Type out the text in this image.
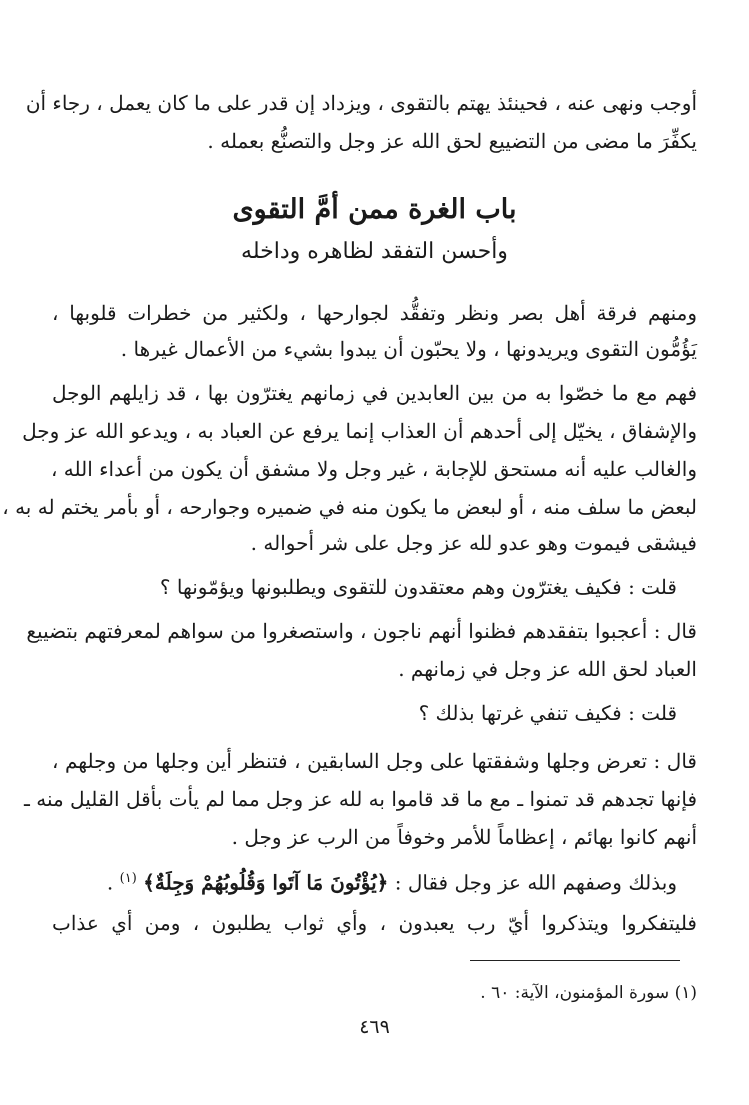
أوجب ونهى عنه ، فحينئذ يهتم بالتقوى ، ويزداد إن قدر على ما كان يعمل ، رجاء أن
يكفِّرَ ما مضى من التضييع لحق الله عز وجل والتصنُّع بعمله .
باب الغرة ممن أمَّ التقوى
وأحسن التفقد لظاهره وداخله
ومنهم فرقة أهل بصر ونظر وتفقُّد لجوارحها ، ولكثير من خطرات قلوبها ،
يَؤُمُّون التقوى ويريدونها ، ولا يحبّون أن يبدوا بشيء من الأعمال غيرها .
فهم مع ما خصّوا به من بين العابدين في زمانهم يغترّون بها ، قد زايلهم الوجل
والإشفاق ، يخيّل إلى أحدهم أن العذاب إنما يرفع عن العباد به ، ويدعو الله عز وجل
والغالب عليه أنه مستحق للإجابة ، غير وجل ولا مشفق أن يكون من أعداء الله ،
لبعض ما سلف منه ، أو لبعض ما يكون منه في ضميره وجوارحه ، أو بأمر يختم له به ،
فيشقى فيموت وهو عدو لله عز وجل على شر أحواله .
قلت : فكيف يغترّون وهم معتقدون للتقوى ويطلبونها ويؤمّونها ؟
قال : أعجبوا بتفقدهم فظنوا أنهم ناجون ، واستصغروا من سواهم لمعرفتهم بتضييع
العباد لحق الله عز وجل في زمانهم .
قلت : فكيف تنفي غرتها بذلك ؟
قال : تعرض وجلها وشفقتها على وجل السابقين ، فتنظر أين وجلها من وجلهم ،
فإنها تجدهم قد تمنوا ـ مع ما قد قاموا به لله عز وجل مما لم يأت بأقل القليل منه ـ
أنهم كانوا بهائم ، إعظاماً للأمر وخوفاً من الرب عز وجل .
وبذلك وصفهم الله عز وجل فقال : ﴿يُؤْتُونَ مَا آتَوا وَقُلُوبُهُمْ وَجِلَةٌ﴾ $^{(١)}$ .
فليتفكروا ويتذكروا أيّ رب يعبدون ، وأي ثواب يطلبون ، ومن أي عذاب
(١) سورة المؤمنون، الآية: ٦٠ .
٤٦٩
